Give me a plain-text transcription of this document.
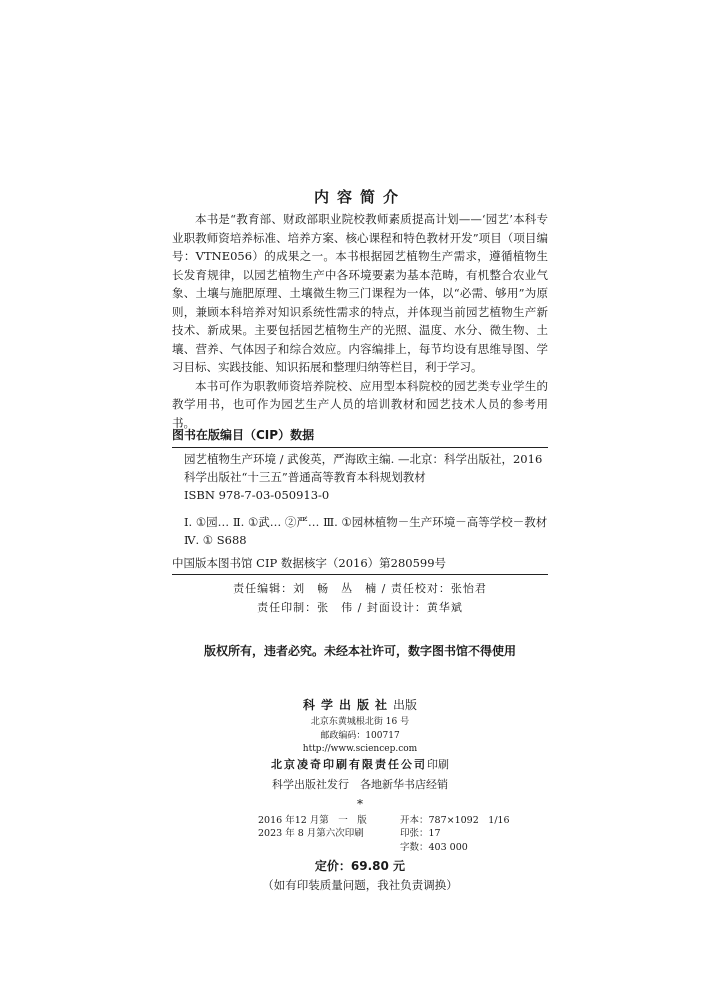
内容简介

本书是“教育部、财政部职业院校教师素质提高计划——‘园艺’本科专业职教师资培养标准、培养方案、核心课程和特色教材开发”项目（项目编号：VTNE056）的成果之一。本书根据园艺植物生产需求，遵循植物生长发育规律，以园艺植物生产中各环境要素为基本范畴，有机整合农业气象、土壤与施肥原理、土壤微生物三门课程为一体，以“必需、够用”为原则，兼顾本科培养对知识系统性需求的特点，并体现当前园艺植物生产新技术、新成果。主要包括园艺植物生产的光照、温度、水分、微生物、土壤、营养、气体因子和综合效应。内容编排上，每节均设有思维导图、学习目标、实践技能、知识拓展和整理归纳等栏目，利于学习。

本书可作为职教师资培养院校、应用型本科院校的园艺类专业学生的教学用书，也可作为园艺生产人员的培训教材和园艺技术人员的参考用书。

图书在版编目（CIP）数据
园艺植物生产环境 / 武俊英，严海欧主编. —北京：科学出版社，2016
科学出版社“十三五”普通高等教育本科规划教材
ISBN 978-7-03-050913-0
Ⅰ. ①园… Ⅱ. ①武… ②严… Ⅲ. ①园林植物－生产环境－高等学校－教材 Ⅳ. ① S688
中国版本图书馆 CIP 数据核字（2016）第280599号
责任编辑：刘　畅　丛　楠 / 责任校对：张怡君
责任印制：张　伟 / 封面设计：黄华斌
版权所有，违者必究。未经本社许可，数字图书馆不得使用
科学出版社出版
北京东黄城根北街 16 号
邮政编码：100717
http://www.sciencep.com
北京凌奇印刷有限责任公司印刷
科学出版社发行　各地新华书店经销
*
2016 年12 月第　一　版	开本：787×1092　1/16
2023 年 8 月第六次印刷	印张：17
字数：403 000
定价：69.80 元
（如有印装质量问题，我社负责调换）
